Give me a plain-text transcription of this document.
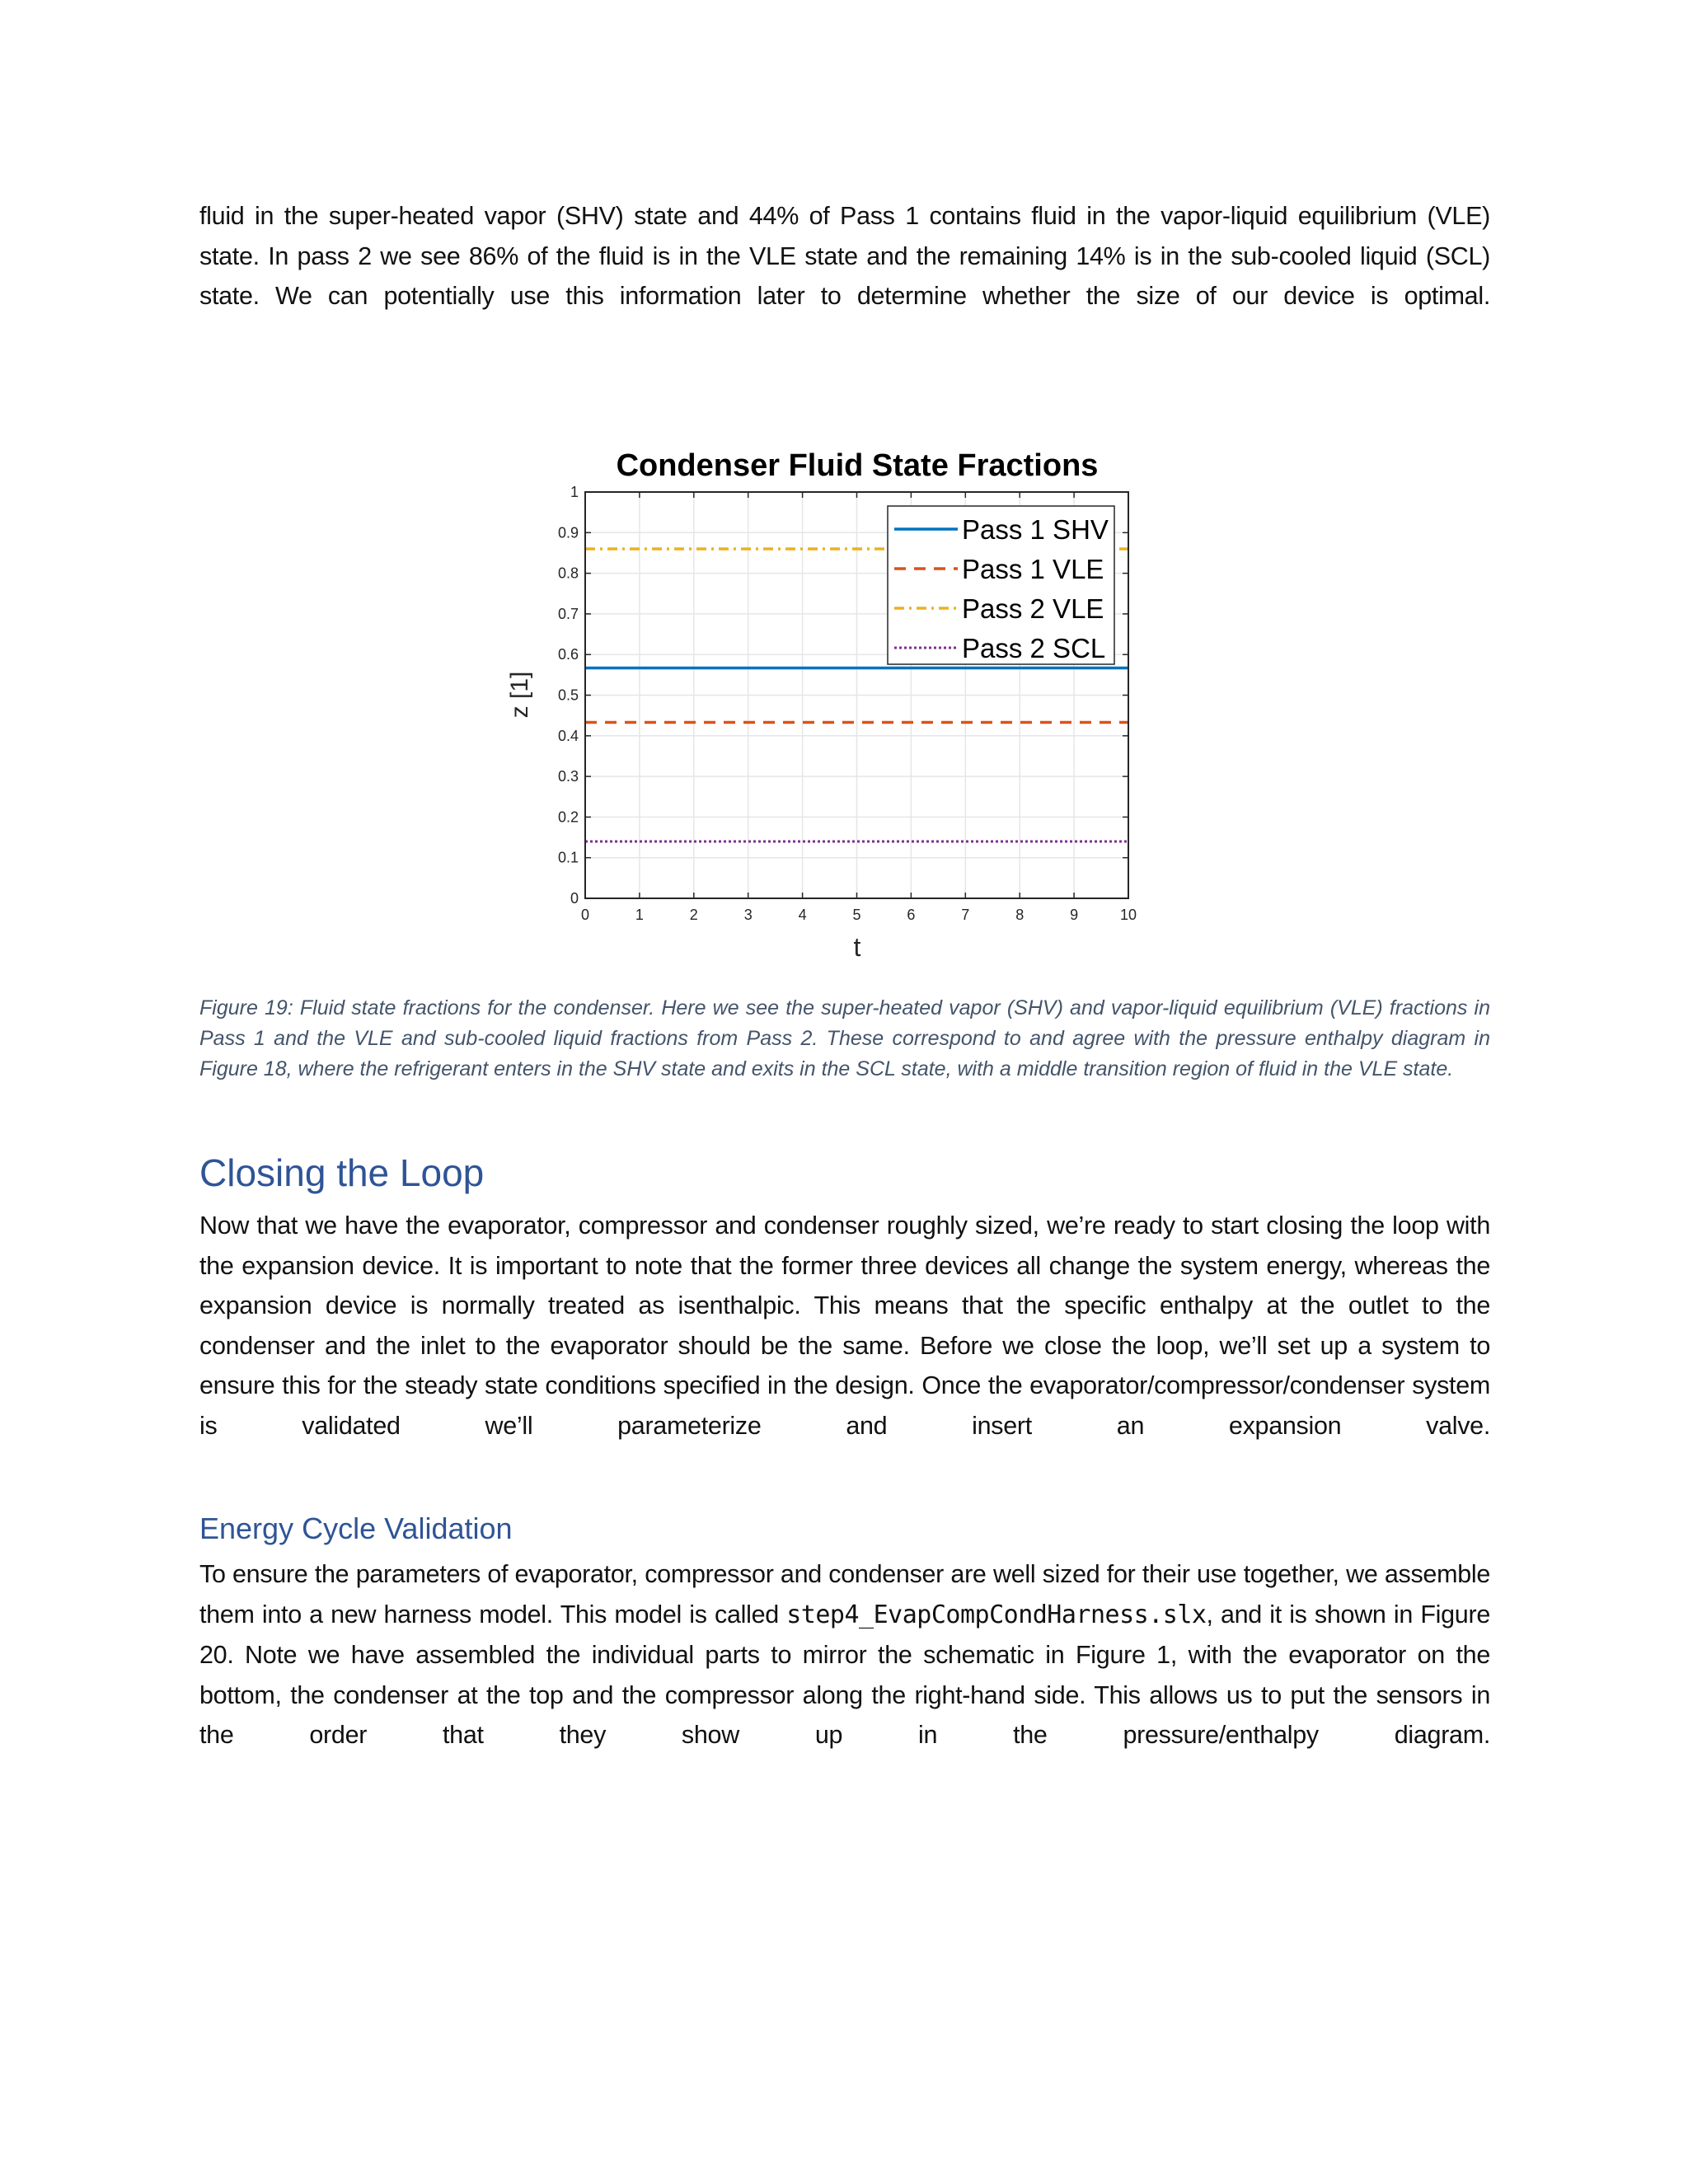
fluid in the super-heated vapor (SHV) state and 44% of Pass 1 contains fluid in the vapor-liquid equilibrium (VLE) state. In pass 2 we see 86% of the fluid is in the VLE state and the remaining 14% is in the sub-cooled liquid (SCL) state. We can potentially use this information later to determine whether the size of our device is optimal.

Condenser Fluid State Fractions
0	1	2	3	4	5	6	7	8	9	10
0
0.1
0.2
0.3
0.4
0.5
0.6
0.7
0.8
0.9
1
t
z [1]
Pass 1 SHV
Pass 1 VLE
Pass 2 VLE
Pass 2 SCL

Figure 19: Fluid state fractions for the condenser. Here we see the super-heated vapor (SHV) and vapor-liquid equilibrium (VLE) fractions in Pass 1 and the VLE and sub-cooled liquid fractions from Pass 2. These correspond to and agree with the pressure enthalpy diagram in Figure 18, where the refrigerant enters in the SHV state and exits in the SCL state, with a middle transition region of fluid in the VLE state.

Closing the Loop

Now that we have the evaporator, compressor and condenser roughly sized, we’re ready to start closing the loop with the expansion device. It is important to note that the former three devices all change the system energy, whereas the expansion device is normally treated as isenthalpic. This means that the specific enthalpy at the outlet to the condenser and the inlet to the evaporator should be the same. Before we close the loop, we’ll set up a system to ensure this for the steady state conditions specified in the design. Once the evaporator/compressor/condenser system is validated we’ll parameterize and insert an expansion valve.

Energy Cycle Validation

To ensure the parameters of evaporator, compressor and condenser are well sized for their use together, we assemble them into a new harness model. This model is called step4_EvapCompCondHarness.slx, and it is shown in Figure 20. Note we have assembled the individual parts to mirror the schematic in Figure 1, with the evaporator on the bottom, the condenser at the top and the compressor along the right-hand side. This allows us to put the sensors in the order that they show up in the pressure/enthalpy diagram.
